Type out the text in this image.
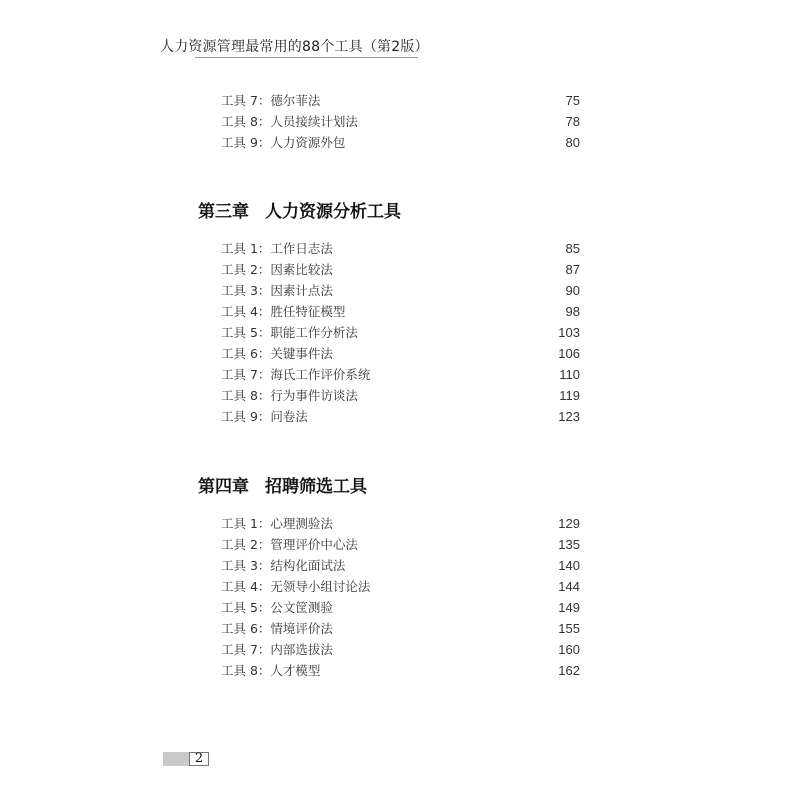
人力资源管理最常用的88个工具（第2版）
工具 7：德尔菲法	75
工具 8：人员接续计划法	78
工具 9：人力资源外包	80
第三章 人力资源分析工具
工具 1：工作日志法	85
工具 2：因素比较法	87
工具 3：因素计点法	90
工具 4：胜任特征模型	98
工具 5：职能工作分析法	103
工具 6：关键事件法	106
工具 7：海氏工作评价系统	110
工具 8：行为事件访谈法	119
工具 9：问卷法	123
第四章 招聘筛选工具
工具 1：心理测验法	129
工具 2：管理评价中心法	135
工具 3：结构化面试法	140
工具 4：无领导小组讨论法	144
工具 5：公文筐测验	149
工具 6：情境评价法	155
工具 7：内部选拔法	160
工具 8：人才模型	162
2
